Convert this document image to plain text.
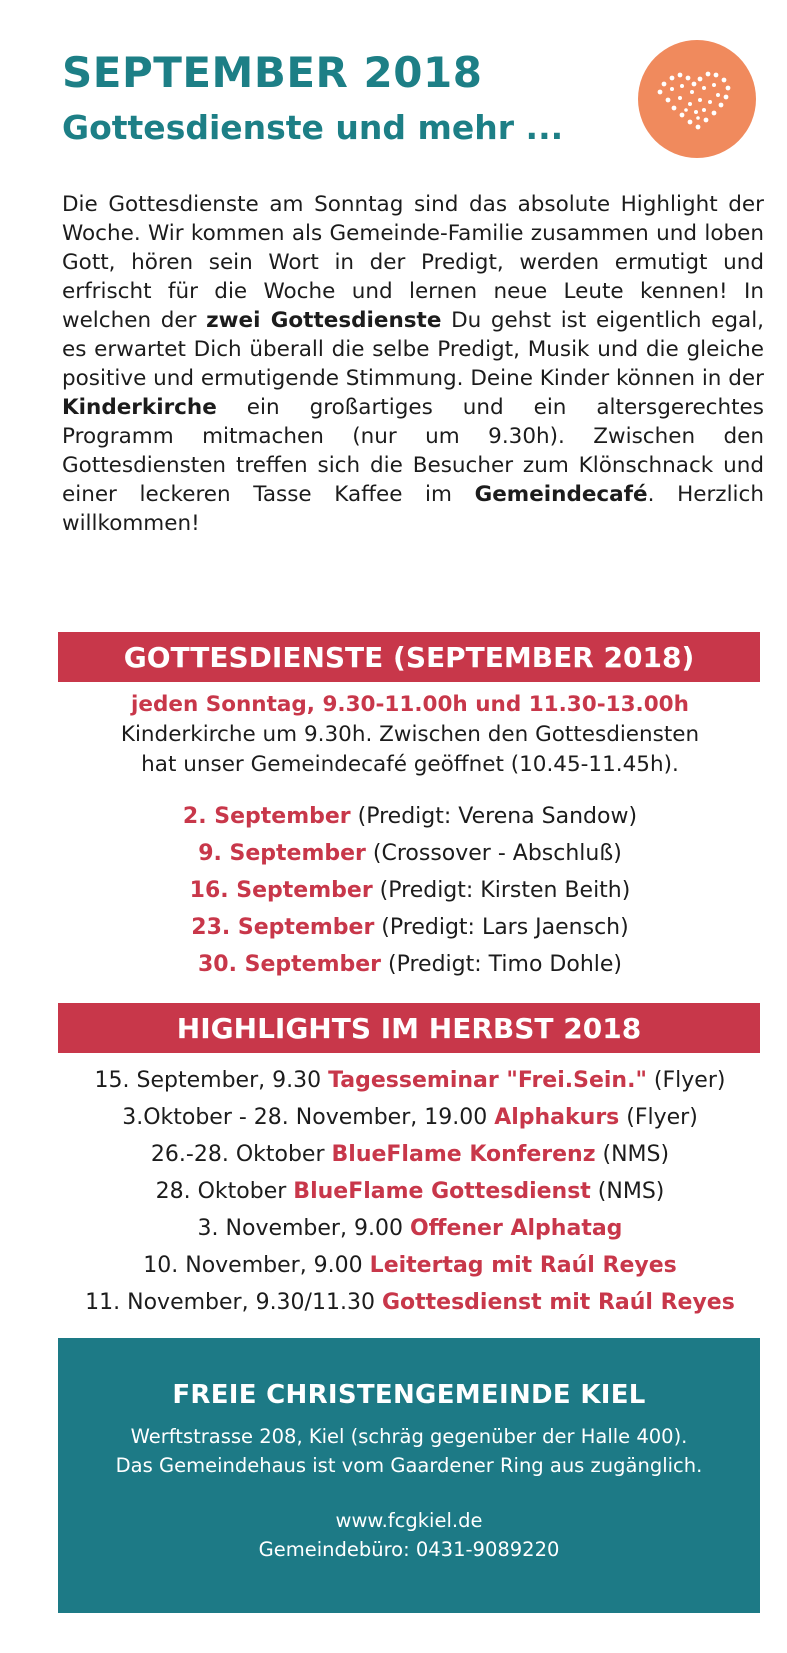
SEPTEMBER 2018
Gottesdienste und mehr ...
Die Gottesdienste am Sonntag sind das absolute Highlight der Woche. Wir kommen als Gemeinde-Familie zusammen und loben Gott, hören sein Wort in der Predigt, werden ermutigt und erfrischt für die Woche und lernen neue Leute kennen! In welchen der zwei Gottesdienste Du gehst ist eigentlich egal, es erwartet Dich überall die selbe Predigt, Musik und die gleiche positive und ermutigende Stimmung. Deine Kinder können in der Kinderkirche ein großartiges und ein altersgerechtes Programm mitmachen (nur um 9.30h). Zwischen den Gottesdiensten treffen sich die Besucher zum Klönschnack und einer leckeren Tasse Kaffee im Gemeindecafé. Herzlich willkommen!
GOTTESDIENSTE (SEPTEMBER 2018)
jeden Sonntag, 9.30-11.00h und 11.30-13.00h
Kinderkirche um 9.30h. Zwischen den Gottesdiensten
hat unser Gemeindecafé geöffnet (10.45-11.45h).
2. September (Predigt: Verena Sandow)
9. September (Crossover - Abschluß)
16. September (Predigt: Kirsten Beith)
23. September (Predigt: Lars Jaensch)
30. September (Predigt: Timo Dohle)
HIGHLIGHTS IM HERBST 2018
15. September, 9.30 Tagesseminar "Frei.Sein." (Flyer)
3.Oktober - 28. November, 19.00 Alphakurs (Flyer)
26.-28. Oktober BlueFlame Konferenz (NMS)
28. Oktober BlueFlame Gottesdienst (NMS)
3. November, 9.00 Offener Alphatag
10. November, 9.00 Leitertag mit Raúl Reyes
11. November, 9.30/11.30 Gottesdienst mit Raúl Reyes
FREIE CHRISTENGEMEINDE KIEL
Werftstrasse 208, Kiel (schräg gegenüber der Halle 400).
Das Gemeindehaus ist vom Gaardener Ring aus zugänglich.
www.fcgkiel.de
Gemeindebüro: 0431-9089220
